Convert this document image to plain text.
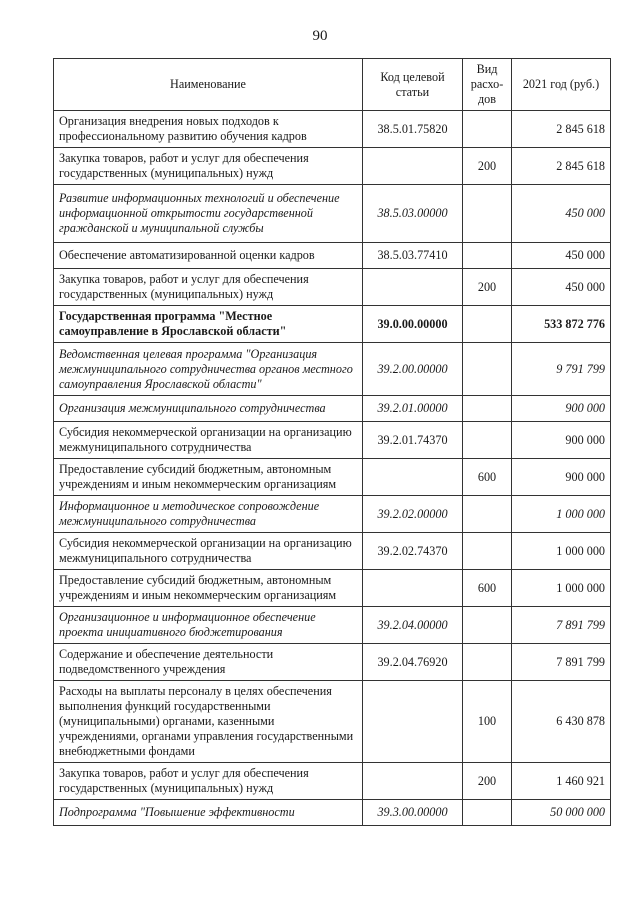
90
Наименование	Код целевой статьи	Вид расхо-дов	2021 год (руб.)
Организация внедрения новых подходов к профессиональному развитию обучения кадров	38.5.01.75820		2 845 618
Закупка товаров, работ и услуг для обеспечения государственных (муниципальных) нужд		200	2 845 618
Развитие информационных технологий и обеспечение информационной открытости государственной гражданской и муниципальной службы	38.5.03.00000		450 000
Обеспечение автоматизированной оценки кадров	38.5.03.77410		450 000
Закупка товаров, работ и услуг для обеспечения государственных (муниципальных) нужд		200	450 000
Государственная программа "Местное самоуправление в Ярославской области"	39.0.00.00000		533 872 776
Ведомственная целевая программа "Организация межмуниципального сотрудничества органов местного самоуправления Ярославской области"	39.2.00.00000		9 791 799
Организация межмуниципального сотрудничества	39.2.01.00000		900 000
Субсидия некоммерческой организации на организацию межмуниципального сотрудничества	39.2.01.74370		900 000
Предоставление субсидий бюджетным, автономным учреждениям и иным некоммерческим организациям		600	900 000
Информационное и методическое сопровождение межмуниципального сотрудничества	39.2.02.00000		1 000 000
Субсидия некоммерческой организации на организацию межмуниципального сотрудничества	39.2.02.74370		1 000 000
Предоставление субсидий бюджетным, автономным учреждениям и иным некоммерческим организациям		600	1 000 000
Организационное и информационное обеспечение проекта инициативного бюджетирования	39.2.04.00000		7 891 799
Содержание и обеспечение деятельности подведомственного учреждения	39.2.04.76920		7 891 799
Расходы на выплаты персоналу в целях обеспечения выполнения функций государственными (муниципальными) органами, казенными учреждениями, органами управления государственными внебюджетными фондами		100	6 430 878
Закупка товаров, работ и услуг для обеспечения государственных (муниципальных) нужд		200	1 460 921
Подпрограмма "Повышение эффективности	39.3.00.00000		50 000 000
